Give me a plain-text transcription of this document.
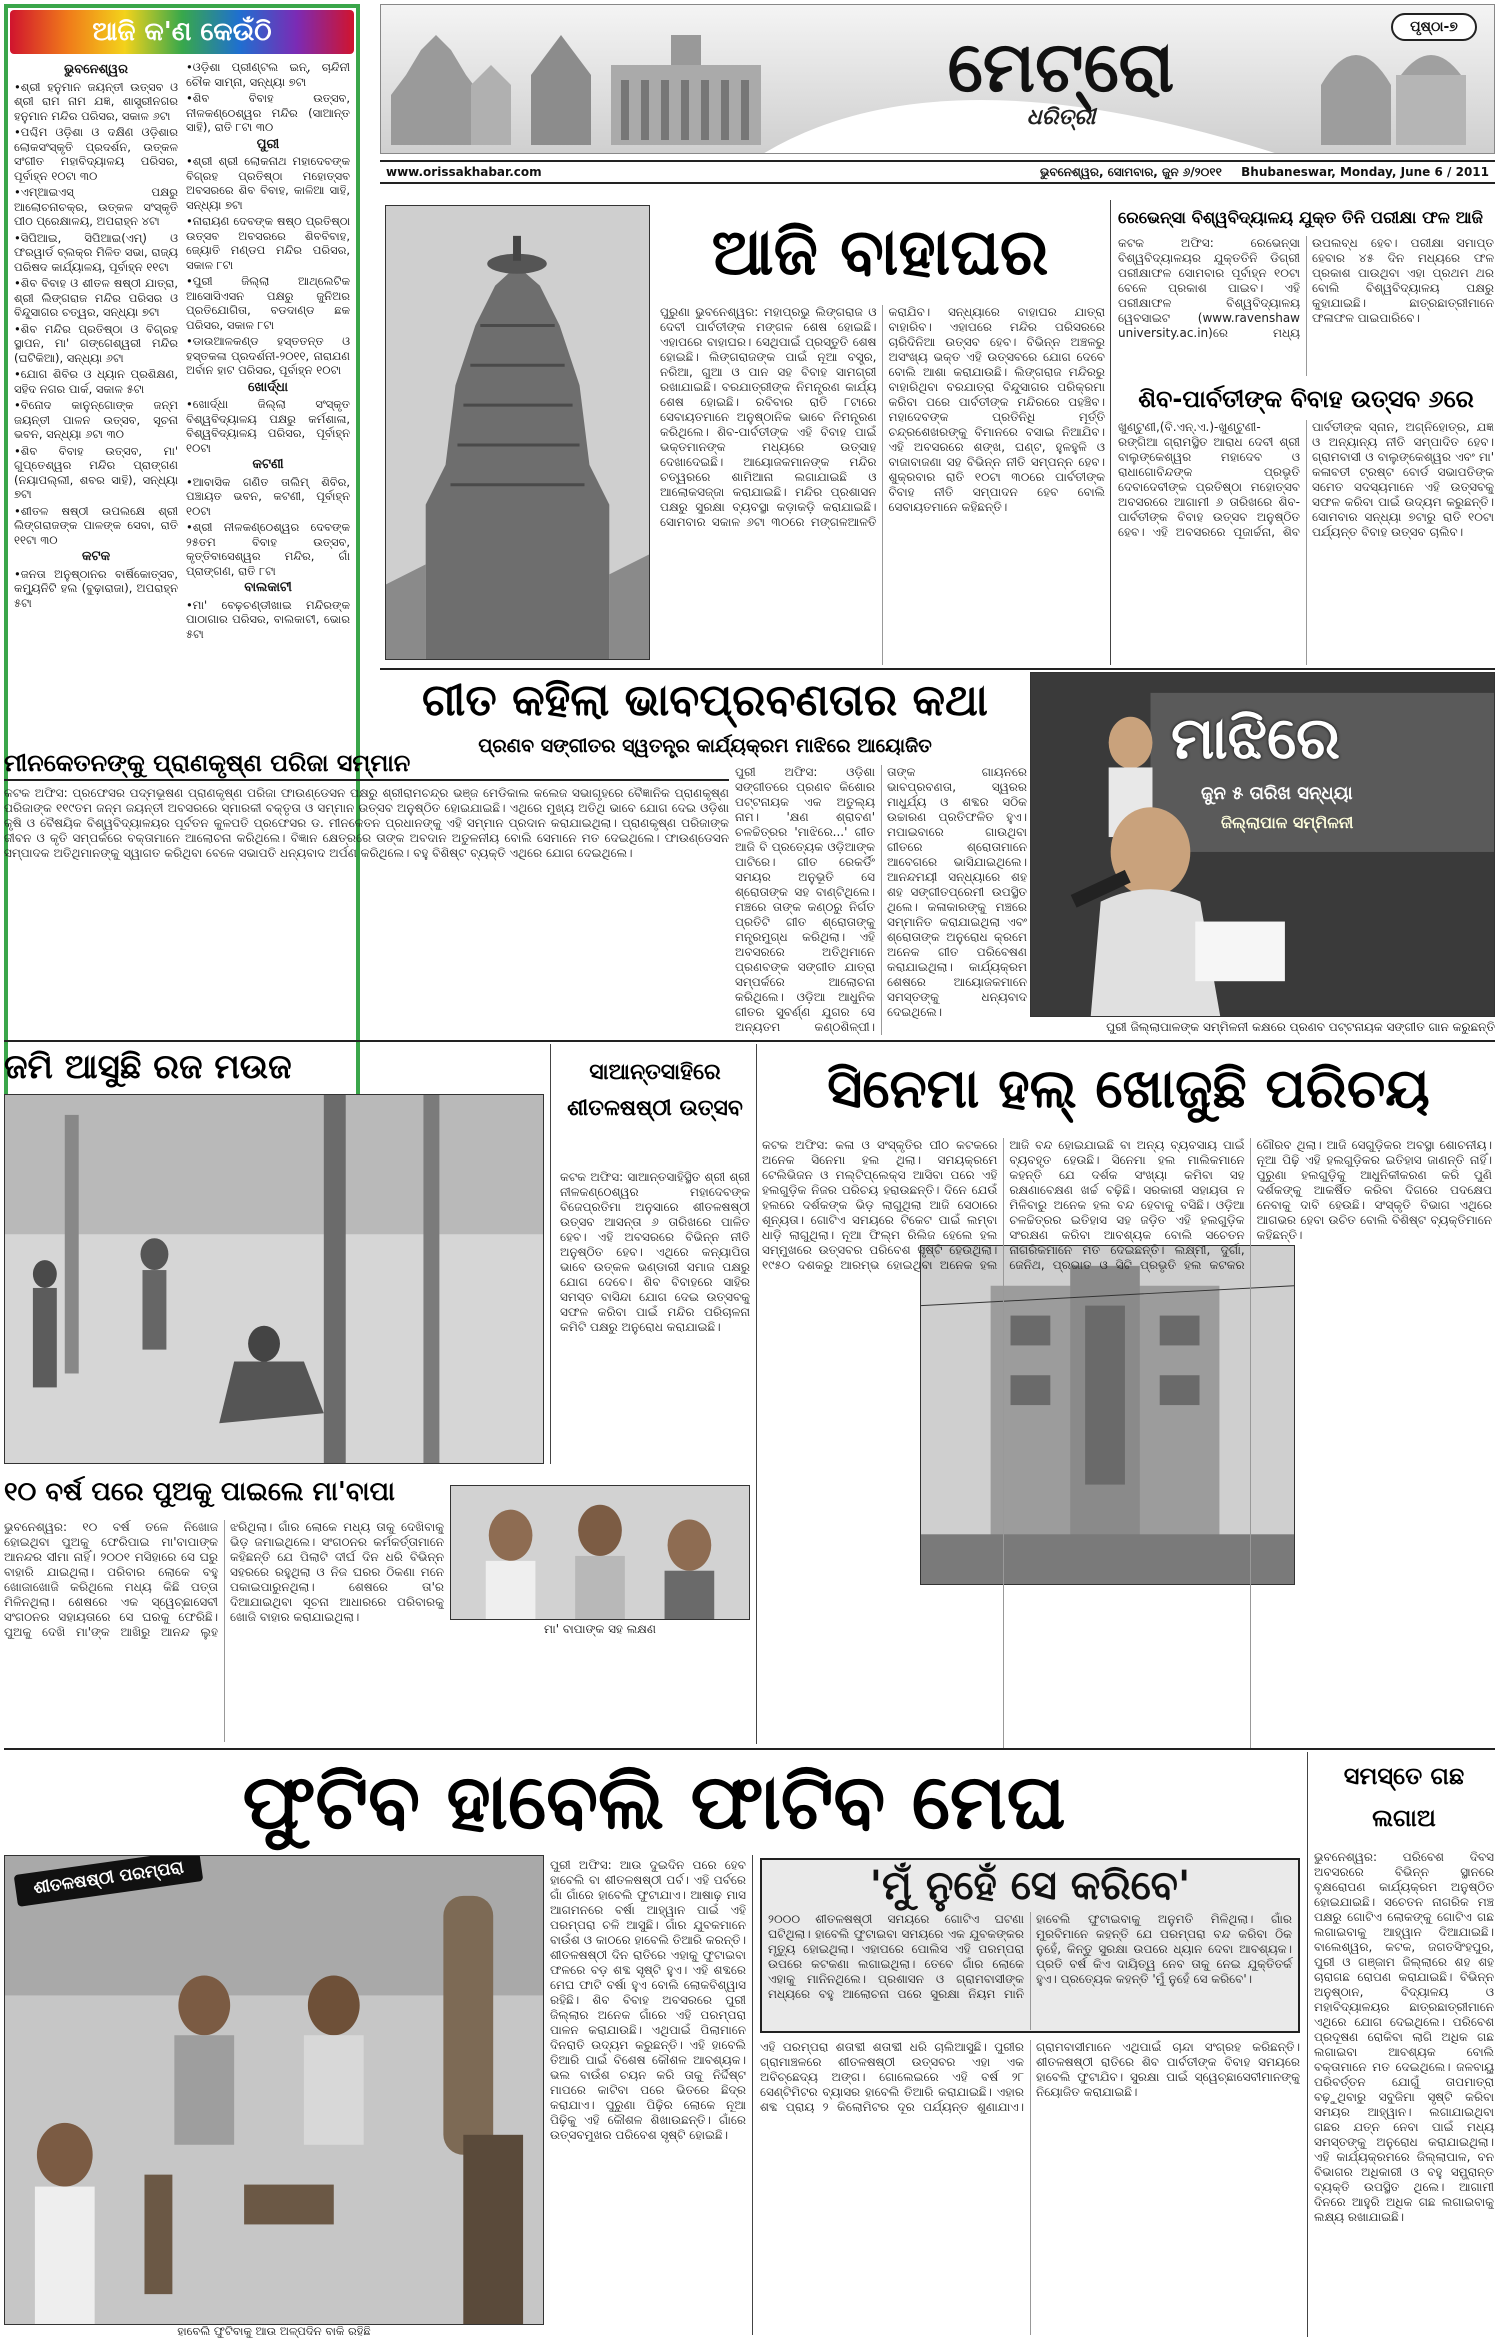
ଆଜି କ'ଣ କେଉଁଠି
ଭୁବନେଶ୍ୱର
•ଶ୍ରୀ ହନୁମାନ ଜୟନ୍ତୀ ଉତ୍ସବ ଓ ଶ୍ରୀ ରାମ ନାମ ଯଜ୍ଞ, ଶାସ୍ତ୍ରୀନଗର ହନୁମାନ ମନ୍ଦିର ପରିସର, ସକାଳ ୬ଟା
•ପଶ୍ଚିମ ଓଡ଼ିଶା ଓ ଦକ୍ଷିଣ ଓଡ଼ିଶାର ଲୋକସଂସ୍କୃତି ପ୍ରଦର୍ଶନ, ଉତ୍କଳ ସଂଗୀତ ମହାବିଦ୍ୟାଳୟ ପରିସର, ପୂର୍ବାହ୍ନ ୧୦ଟା ୩୦
•ଏମ୍ଆଇଏସ୍ ପକ୍ଷରୁ ଆଲୋଚନାଚକ୍ର, ଉତ୍କଳ ସଂସ୍କୃତି ପୀଠ ପ୍ରେକ୍ଷାଳୟ, ଅପରାହ୍ନ ୪ଟା
•ସିପିଆଇ, ସିପିଆଇ(ଏମ୍) ଓ ଫରୱାର୍ଡ ବ୍ଲକ୍‌ର ମିଳିତ ସଭା, ରାଜ୍ୟ ପରିଷଦ କାର୍ଯ୍ୟାଳୟ, ପୂର୍ବାହ୍ନ ୧୧ଟା
•ଶିବ ବିବାହ ଓ ଶୀତଳ ଷଷ୍ଠୀ ଯାତ୍ରା, ଶ୍ରୀ ଲିଙ୍ଗରାଜ ମନ୍ଦିର ପରିସର ଓ ବିନ୍ଦୁସାଗର ଚତ୍ୱର, ସନ୍ଧ୍ୟା ୭ଟା
•ଶିବ ମନ୍ଦିର ପ୍ରତିଷ୍ଠା ଓ ବିଗ୍ରହ ସ୍ଥାପନ, ମା' ଗଙ୍ଗେଶ୍ୱରୀ ମନ୍ଦିର (ଘଟିକିଆ), ସନ୍ଧ୍ୟା ୬ଟା
•ଯୋଗ ଶିବିର ଓ ଧ୍ୟାନ ପ୍ରଶିକ୍ଷଣ, ସହିଦ ନଗର ପାର୍କ, ସକାଳ ୫ଟା
•ବିନୋଦ କାନୁନ୍‌ଗୋଙ୍କ ଜନ୍ମ ଜୟନ୍ତୀ ପାଳନ ଉତ୍ସବ, ସୂଚନା ଭବନ, ସନ୍ଧ୍ୟା ୬ଟା ୩୦
•ଶିବ ବିବାହ ଉତ୍ସବ, ମା' ଗୁପ୍ତେଶ୍ୱର ମନ୍ଦିର ପ୍ରାଙ୍ଗଣ (ନୟାପଲ୍ଲୀ, ଶବର ସାହି), ସନ୍ଧ୍ୟା ୭ଟା
•ଶୀତଳ ଷଷ୍ଠୀ ଉପଲକ୍ଷେ ଶ୍ରୀ ଲିଙ୍ଗରାଜଙ୍କ ପାଳଙ୍କ ସେବା, ରାତି ୧୧ଟା ୩୦
କଟକ
•ଜନତା ଅନୁଷ୍ଠାନର ବାର୍ଷିକୋତ୍ସବ, କମ୍ୟୁନିଟି ହଲ (ବୁଢ଼ାରାଜା), ଅପରାହ୍ନ ୫ଟା
•ଓଡ଼ିଶା ପ୍ରୀଣ୍ଟଲ ଇନ୍‌, ଚାନ୍ଦିନୀ ଚୌକ ସାମ୍ନା, ସନ୍ଧ୍ୟା ୭ଟା
•ଶିବ ବିବାହ ଉତ୍ସବ, ନୀଳକଣ୍ଠେଶ୍ୱର ମନ୍ଦିର (ସାଆନ୍ତ ସାହି), ରାତି ୮ଟା ୩୦
ପୁରୀ
•ଶ୍ରୀ ଶ୍ରୀ ଲୋକନାଥ ମହାଦେବଙ୍କ ବିଗ୍ରହ ପ୍ରତିଷ୍ଠା ମହୋତ୍ସବ ଅବସରରେ ଶିବ ବିବାହ, କାଳିଆ ସାହି, ସନ୍ଧ୍ୟା ୭ଟା
•ନାରାୟଣ ଦେବଙ୍କ ଷଷ୍ଠ ପ୍ରତିଷ୍ଠା ଉତ୍ସବ ଅବସରରେ ଶିବବିବାହ, ଜ୍ୟୋତି ମଣ୍ଡପ ମନ୍ଦିର ପରିସର, ସକାଳ ୮ଟା
•ପୁରୀ ଜିଲ୍ଲା ଆଥ୍‌ଲେଟିକ ଆସୋସିଏସନ ପକ୍ଷରୁ ଜୁନିଅର ପ୍ରତିଯୋଗିତା, ବଡଦାଣ୍ଡ ଛକ ପରିସର, ସକାଳ ୮ଟା
•ଡାଉଆଳକଣ୍ଡ ହସ୍ତତନ୍ତ ଓ ହସ୍ତକଳା ପ୍ରଦର୍ଶନୀ-୨୦୧୧, ନାରାଯଣ ଅର୍ବାନ ହାଟ ପରିସର, ପୂର୍ବାହ୍ନ ୧୦ଟା
ଖୋର୍ଦ୍ଧା
•ଖୋର୍ଦ୍ଧା ଜିଲ୍ଲା ସଂସ୍କୃତ ବିଶ୍ୱବିଦ୍ୟାଳୟ ପକ୍ଷରୁ କର୍ମଶାଳା, ବିଶ୍ୱବିଦ୍ୟାଳୟ ପରିସର, ପୂର୍ବାହ୍ନ ୧୦ଟା
କଟଣୀ
•ଆବାସିକ ଗଣିତ ତାଲିମ୍ ଶିବିର, ପଞ୍ଚାୟତ ଭବନ, କଟଣୀ, ପୂର୍ବାହ୍ନ ୧୦ଟା
•ଶ୍ରୀ ନୀଳକଣ୍ଠେଶ୍ୱର ଦେବଙ୍କ ୨୫ତମ ବିବାହ ଉତ୍ସବ, କୃତ୍ତିବାସେଶ୍ୱର ମନ୍ଦିର, ଗାଁ ପ୍ରାଙ୍ଗଣ, ରାତି ୮ଟା
ବାଲକାଟୀ
•ମା' ବେଢ଼ଚଣ୍ଡୀଖାଇ ମନ୍ଦିରଙ୍କ ପାଠାଗାର ପରିସର, ବାଲକାଟୀ, ଭୋର ୫ଟା
ପୃଷ୍ଠା-୭
ମେଟ୍ରୋ
ଧରିତ୍ରୀ
www.orissakhabar.com	ଭୁବନେଶ୍ୱର, ସୋମବାର, ଜୁନ ୬/୨୦୧୧ Bhubaneswar, Monday, June 6 / 2011
ଆଜି ବାହାଘର
ପୁରୁଣା ଭୁବନେଶ୍ୱର: ମହାପ୍ରଭୁ ଲିଙ୍ଗରାଜ ଓ ଦେବୀ ପାର୍ବତୀଙ୍କ ମଙ୍ଗଳ ଶେଷ ହୋଇଛି। ଏହାପରେ ବାହାଘର। ସେଥିପାଇଁ ପ୍ରସ୍ତୁତି ଶେଷ ହୋଇଛି। ଲିଙ୍ଗରାଜଙ୍କ ପାଇଁ ନୂଆ ବସ୍ତ୍ର, ନରିଆ, ଗୁଆ ଓ ପାନ ସହ ବିବାହ ସାମଗ୍ରୀ ରଖାଯାଇଛି। ବରଯାତ୍ରୀଙ୍କ ନିମନ୍ତ୍ରଣ କାର୍ଯ୍ୟ ଶେଷ ହୋଇଛି। ରବିବାର ରାତି ୮ଟାରେ ସେବାୟତମାନେ ଅନୁଷ୍ଠାନିକ ଭାବେ ନିମନ୍ତ୍ରଣ କରିଥିଲେ। ଶିବ-ପାର୍ବତୀଙ୍କ ଏହି ବିବାହ ପାଇଁ ଭକ୍ତମାନଙ୍କ ମଧ୍ୟରେ ଉତ୍ସାହ ଦେଖାଦେଇଛି। ଆୟୋଜକମାନଙ୍କ ମନ୍ଦିର ଚତ୍ୱରରେ ଶାମିଆନା ଲଗାଯାଇଛି ଓ ଆଲୋକସଜ୍ଜା କରାଯାଇଛି। ମନ୍ଦିର ପ୍ରଶାସନ ପକ୍ଷରୁ ସୁରକ୍ଷା ବ୍ୟବସ୍ଥା କଡ଼ାକଡ଼ି କରାଯାଇଛି। ସୋମବାର ସକାଳ ୬ଟା ୩୦ରେ ମଙ୍ଗଳଆଳତି କରାଯିବ। ସନ୍ଧ୍ୟାରେ ବାହାଘର ଯାତ୍ରା ବାହାରିବ। ଏହାପରେ ମନ୍ଦିର ପରିସରରେ ଚାରିଦିନିଆ ଉତ୍ସବ ହେବ। ବିଭିନ୍ନ ଅଞ୍ଚଳରୁ ଅସଂଖ୍ୟ ଭକ୍ତ ଏହି ଉତ୍ସବରେ ଯୋଗ ଦେବେ ବୋଲି ଆଶା କରାଯାଉଛି। ଲିଙ୍ଗରାଜ ମନ୍ଦିରରୁ ବାହାରିଥିବା ବରଯାତ୍ରା ବିନ୍ଦୁସାଗର ପରିକ୍ରମା କରିବା ପରେ ପାର୍ବତୀଙ୍କ ମନ୍ଦିରରେ ପହଞ୍ଚିବ। ମହାଦେବଙ୍କ ପ୍ରତିନିଧି ମୂର୍ତ୍ତି ଚନ୍ଦ୍ରଶେଖରଙ୍କୁ ବିମାନରେ ବସାଇ ନିଆଯିବ। ଏହି ଅବସରରେ ଶଙ୍ଖ, ଘଣ୍ଟ, ହୁଳହୁଳି ଓ ବାଜାବାଜଣା ସହ ବିଭିନ୍ନ ନୀତି ସମ୍ପନ୍ନ ହେବ। ଶୁକ୍ରବାର ରାତି ୧୦ଟା ୩୦ରେ ପାର୍ବତୀଙ୍କ ବିବାହ ନୀତି ସମ୍ପାଦନ ହେବ ବୋଲି ସେବାୟତମାନେ କହିଛନ୍ତି।
ରେଭେନ୍ସା ବିଶ୍ୱବିଦ୍ୟାଳୟ ଯୁକ୍ତ ତିନି ପରୀକ୍ଷା ଫଳ ଆଜି
କଟକ ଅଫିସ: ରେଭେନ୍ସା ବିଶ୍ୱବିଦ୍ୟାଳୟର ଯୁକ୍ତତିନି ଡିଗ୍ରୀ ପରୀକ୍ଷାଫଳ ସୋମବାର ପୂର୍ବାହ୍ନ ୧୦ଟା ବେଳେ ପ୍ରକାଶ ପାଇବ। ଏହି ପରୀକ୍ଷାଫଳ ବିଶ୍ୱବିଦ୍ୟାଳୟ ୱେବସାଇଟ (www.ravenshaw university.ac.in)ରେ ମଧ୍ୟ ଉପଲବ୍ଧ ହେବ। ପରୀକ୍ଷା ସମାପ୍ତ ହେବାର ୪୫ ଦିନ ମଧ୍ୟରେ ଫଳ ପ୍ରକାଶ ପାଉଥିବା ଏହା ପ୍ରଥମ ଥର ବୋଲି ବିଶ୍ୱବିଦ୍ୟାଳୟ ପକ୍ଷରୁ କୁହାଯାଇଛି। ଛାତ୍ରଛାତ୍ରୀମାନେ ଫଳାଫଳ ପାଇପାରିବେ।
ଶିବ-ପାର୍ବତୀଙ୍କ ବିବାହ ଉତ୍ସବ ୬ରେ
ଖୁଣ୍ଟୁଣୀ,(ବି.ଏନ୍.ଏ.)-ଖୁଣ୍ଟୁଣୀ-ରଙ୍ଗିଆ ଗ୍ରାମସ୍ଥିତ ଆରାଧ ଦେବୀ ଶ୍ରୀ ବାଲୁଙ୍କେଶ୍ୱର ମହାଦେବ ଓ ରାଧାଗୋବିନ୍ଦଙ୍କ ପ୍ରଭୃତି ଦେବାଦେବୀଙ୍କ ପ୍ରତିଷ୍ଠା ମହୋତ୍ସବ ଅବସରରେ ଆଗାମୀ ୬ ତାରିଖରେ ଶିବ-ପାର୍ବତୀଙ୍କ ବିବାହ ଉତ୍ସବ ଅନୁଷ୍ଠିତ ହେବ। ଏହି ଅବସରରେ ପୂଜାର୍ଚ୍ଚନା, ଶିବ ପାର୍ବତୀଙ୍କ ସ୍ନାନ, ଅଗ୍ନିହୋତ୍ର, ଯଜ୍ଞ ଓ ଅନ୍ୟାନ୍ୟ ନୀତି ସମ୍ପାଦିତ ହେବ। ଗ୍ରାମବାସୀ ଓ ବାଲୁଙ୍କେଶ୍ୱର ଏବଂ ମା' କଳାବତୀ ଟ୍ରଷ୍ଟ ବୋର୍ଡ ସଭାପତିଙ୍କ ସମେତ ସଦସ୍ୟମାନେ ଏହି ଉତ୍ସବକୁ ସଫଳ କରିବା ପାଇଁ ଉଦ୍ୟମ କରୁଛନ୍ତି। ସୋମବାର ସନ୍ଧ୍ୟା ୭ଟାରୁ ରାତି ୧୦ଟା ପର୍ଯ୍ୟନ୍ତ ବିବାହ ଉତ୍ସବ ଚାଲିବ।
ଗୀତ କହିଲା ଭାବପ୍ରବଣତାର କଥା
ପ୍ରଣବ ସଙ୍ଗୀତର ସ୍ୱତନ୍ତ୍ର କାର୍ଯ୍ୟକ୍ରମ ମାଝିରେ ଆୟୋଜିତ	ମାଝିରେ
ଜୁନ ୫ ତାରିଖ ସନ୍ଧ୍ୟା
ଜିଲ୍ଲାପାଳ ସମ୍ମିଳନୀ
ପୁରୀ ଜିଲ୍ଲାପାଳଙ୍କ ସମ୍ମିଳନୀ କକ୍ଷରେ ପ୍ରଣବ ପଟ୍ଟନାୟକ ସଙ୍ଗୀତ ଗାନ କରୁଛନ୍ତି
ପୁରୀ ଅଫିସ: ଓଡ଼ିଶା ସଙ୍ଗୀତରେ ପ୍ରଣବ କିଶୋର ପଟ୍ଟନାୟକ ଏକ ଅତୁଲ୍ୟ ନାମ। 'କ୍ଷଣ ଶ୍ରାବଣ' ଚଳଚ୍ଚିତ୍ରର 'ମାଝିରେ...' ଗୀତ ଆଜି ବି ପ୍ରତ୍ୟେକ ଓଡ଼ିଆଙ୍କ ପାଟିରେ। ଗୀତ ରେକର୍ଡିଂ ସମୟର ଅନୁଭୂତି ସେ ଶ୍ରୋତାଙ୍କ ସହ ବାଣ୍ଟିଥିଲେ। ମଞ୍ଚରେ ତାଙ୍କ କଣ୍ଠରୁ ନିର୍ଗତ ପ୍ରତିଟି ଗୀତ ଶ୍ରୋତାଙ୍କୁ ମନ୍ତ୍ରମୁଗ୍ଧ କରିଥିଲା। ଏହି ଅବସରରେ ଅତିଥିମାନେ ପ୍ରଣବଙ୍କ ସଙ୍ଗୀତ ଯାତ୍ରା ସମ୍ପର୍କରେ ଆଲୋଚନା କରିଥିଲେ। ଓଡ଼ିଆ ଆଧୁନିକ ଗୀତର ସୁବର୍ଣ୍ଣ ଯୁଗର ସେ ଅନ୍ୟତମ କଣ୍ଠଶିଳ୍ପୀ। ତାଙ୍କ ଗାୟନରେ ଭାବପ୍ରବଣତା, ସ୍ୱରର ମାଧୁର୍ଯ୍ୟ ଓ ଶବ୍ଦର ସଠିକ ଉଚ୍ଚାରଣ ପ୍ରତିଫଳିତ ହୁଏ। ମପାଇବାରେ ଗାଉଥିବା ଗୀତରେ ଶ୍ରୋତାମାନେ ଆବେଗରେ ଭାସିଯାଇଥିଲେ। ଆନନ୍ଦମୟୀ ସନ୍ଧ୍ୟାରେ ଶହ ଶହ ସଙ୍ଗୀତପ୍ରେମୀ ଉପସ୍ଥିତ ଥିଲେ। କଳାକାରଙ୍କୁ ମଞ୍ଚରେ ସମ୍ମାନିତ କରାଯାଇଥିଲା ଏବଂ ଶ୍ରୋତାଙ୍କ ଅନୁରୋଧ କ୍ରମେ ଅନେକ ଗୀତ ପରିବେଷଣ କରାଯାଇଥିଲା। କାର୍ଯ୍ୟକ୍ରମ ଶେଷରେ ଆୟୋଜକମାନେ ସମସ୍ତଙ୍କୁ ଧନ୍ୟବାଦ ଦେଇଥିଲେ।
ମୀନକେତନଙ୍କୁ ପ୍ରାଣକୃଷ୍ଣ ପରିଜା ସମ୍ମାନ
କଟକ ଅଫିସ: ପ୍ରଫେସର ପଦ୍ମଭୂଷଣ ପ୍ରାଣକୃଷ୍ଣ ପରିଜା ଫାଉଣ୍ଡେସନ ପକ୍ଷରୁ ଶ୍ରୀରାମଚନ୍ଦ୍ର ଭଞ୍ଜ ମେଡିକାଲ କଲେଜ ସଭାଗୃହରେ ବୈଜ୍ଞାନିକ ପ୍ରାଣକୃଷ୍ଣ ପରିଜାଙ୍କ ୧୧୯ତମ ଜନ୍ମ ଜୟନ୍ତୀ ଅବସରରେ ସ୍ମାରକୀ ବକ୍ତୃତା ଓ ସମ୍ମାନ ଉତ୍ସବ ଅନୁଷ୍ଠିତ ହୋଇଯାଇଛି। ଏଥିରେ ମୁଖ୍ୟ ଅତିଥି ଭାବେ ଯୋଗ ଦେଇ ଓଡ଼ିଶା କୃଷି ଓ ବୈଷୟିକ ବିଶ୍ୱବିଦ୍ୟାଳୟର ପୂର୍ବତନ କୁଳପତି ପ୍ରଫେସର ଡ. ମୀନକେତନ ପ୍ରଧାନଙ୍କୁ ଏହି ସମ୍ମାନ ପ୍ରଦାନ କରାଯାଇଥିଲା। ପ୍ରାଣକୃଷ୍ଣ ପରିଜାଙ୍କ ଜୀବନ ଓ କୃତି ସମ୍ପର୍କରେ ବକ୍ତାମାନେ ଆଲୋଚନା କରିଥିଲେ। ବିଜ୍ଞାନ କ୍ଷେତ୍ରରେ ତାଙ୍କ ଅବଦାନ ଅତୁଳନୀୟ ବୋଲି ସେମାନେ ମତ ଦେଇଥିଲେ। ଫାଉଣ୍ଡେସନ ସମ୍ପାଦକ ଅତିଥିମାନଙ୍କୁ ସ୍ୱାଗତ କରିଥିବା ବେଳେ ସଭାପତି ଧନ୍ୟବାଦ ଅର୍ପଣ କରିଥିଲେ। ବହୁ ବିଶିଷ୍ଟ ବ୍ୟକ୍ତି ଏଥିରେ ଯୋଗ ଦେଇଥିଲେ।
ଜମି ଆସୁଛି ରଜ ମଉଜ	ସାଆନ୍ତସାହିରେ ଶୀତଳଷଷ୍ଠୀ ଉତ୍ସବ
କଟକ ଅଫିସ: ସାଆନ୍ତସାହିସ୍ଥିତ ଶ୍ରୀ ଶ୍ରୀ ନୀଳକଣ୍ଠେଶ୍ୱର ମହାଦେବଙ୍କ ବିଜେପ୍ରତିମା ଅନୁସାରେ ଶୀତଳଷଷ୍ଠୀ ଉତ୍ସବ ଆସନ୍ତା ୬ ତାରିଖରେ ପାଳିତ ହେବ। ଏହି ଅବସରରେ ବିଭିନ୍ନ ନୀତି ଅନୁଷ୍ଠିତ ହେବ। ଏଥିରେ କନ୍ୟାପିତା ଭାବେ ଉତ୍କଳ ଭଣ୍ଡାରୀ ସମାଜ ପକ୍ଷରୁ ଯୋଗ ଦେବେ। ଶିବ ବିବାହରେ ସାହିର ସମସ୍ତ ବାସିନ୍ଦା ଯୋଗ ଦେଇ ଉତ୍ସବକୁ ସଫଳ କରିବା ପାଇଁ ମନ୍ଦିର ପରିଚାଳନା କମିଟି ପକ୍ଷରୁ ଅନୁରୋଧ କରାଯାଇଛି।
ସିନେମା ହଲ୍ ଖୋଜୁଛି ପରିଚୟ
କଟକ ଅଫିସ: କଳା ଓ ସଂସ୍କୃତିର ପୀଠ କଟକରେ ଅନେକ ସିନେମା ହଲ ଥିଲା। ସମୟକ୍ରମେ ଟେଲିଭିଜନ ଓ ମଲ୍ଟିପ୍ଲେକ୍ସ ଆସିବା ପରେ ଏହି ହଲଗୁଡ଼ିକ ନିଜର ପରିଚୟ ହରାଉଛନ୍ତି। ଦିନେ ଯେଉଁ ହଲରେ ଦର୍ଶକଙ୍କ ଭିଡ଼ ଲାଗୁଥିଲା ଆଜି ସେଠାରେ ଶୂନ୍ୟତା। ଗୋଟିଏ ସମୟରେ ଟିକେଟ ପାଇଁ ଲମ୍ବା ଧାଡ଼ି ଲାଗୁଥିଲା। ନୂଆ ଫିଲ୍ମ ରିଲିଜ ହେଲେ ହଲ ସମ୍ମୁଖରେ ଉତ୍ସବର ପରିବେଶ ସୃଷ୍ଟି ହେଉଥିଲା। ୧୯୫୦ ଦଶକରୁ ଆରମ୍ଭ ହୋଇଥିବା ଅନେକ ହଲ ଆଜି ବନ୍ଦ ହୋଇଯାଇଛି ବା ଅନ୍ୟ ବ୍ୟବସାୟ ପାଇଁ ବ୍ୟବହୃତ ହେଉଛି। ସିନେମା ହଲ ମାଲିକମାନେ କହନ୍ତି ଯେ ଦର୍ଶକ ସଂଖ୍ୟା କମିବା ସହ ରକ୍ଷଣାବେକ୍ଷଣ ଖର୍ଚ୍ଚ ବଢ଼ିଛି। ସରକାରୀ ସହାୟତା ନ ମିଳିବାରୁ ଅନେକ ହଲ ବନ୍ଦ ହେବାକୁ ବସିଛି। ଓଡ଼ିଆ ଚଳଚ୍ଚିତ୍ରର ଇତିହାସ ସହ ଜଡ଼ିତ ଏହି ହଲଗୁଡ଼ିକ ସଂରକ୍ଷଣ କରିବା ଆବଶ୍ୟକ ବୋଲି ସଚେତନ ନାଗରିକମାନେ ମତ ଦେଇଛନ୍ତି। ଲକ୍ଷ୍ମୀ, ଦୁର୍ଗା, ଜେନିଥ, ପ୍ରଭାତ ଓ ସିଟି ପ୍ରଭୃତି ହଲ କଟକର ଗୌରବ ଥିଲା। ଆଜି ସେଗୁଡ଼ିକର ଅବସ୍ଥା ଶୋଚନୀୟ। ନୂଆ ପିଢ଼ି ଏହି ହଲଗୁଡ଼ିକର ଇତିହାସ ଜାଣନ୍ତି ନାହିଁ। ପୁରୁଣା ହଲଗୁଡ଼ିକୁ ଆଧୁନିକୀକରଣ କରି ପୁଣି ଦର୍ଶକଙ୍କୁ ଆକର୍ଷିତ କରିବା ଦିଗରେ ପଦକ୍ଷେପ ନେବାକୁ ଦାବି ହେଉଛି। ସଂସ୍କୃତି ବିଭାଗ ଏଥିରେ ଆଗଭର ହେବା ଉଚିତ ବୋଲି ବିଶିଷ୍ଟ ବ୍ୟକ୍ତିମାନେ କହିଛନ୍ତି।
୧୦ ବର୍ଷ ପରେ ପୁଅକୁ ପାଇଲେ ମା'ବାପା
ମା' ବାପାଙ୍କ ସହ ଲକ୍ଷଣ
ଭୁବନେଶ୍ୱର: ୧୦ ବର୍ଷ ତଳେ ନିଖୋଜ ହୋଇଥିବା ପୁଅକୁ ଫେରିପାଇ ମା'ବାପାଙ୍କ ଆନନ୍ଦର ସୀମା ନାହିଁ। ୨୦୦୧ ମସିହାରେ ସେ ଘରୁ ବାହାରି ଯାଇଥିଲା। ପରିବାର ଲୋକେ ବହୁ ଖୋଜାଖୋଜି କରିଥିଲେ ମଧ୍ୟ କିଛି ପତ୍ତା ମିଳିନଥିଲା। ଶେଷରେ ଏକ ସ୍ୱେଚ୍ଛାସେବୀ ସଂଗଠନର ସହାୟତାରେ ସେ ଘରକୁ ଫେରିଛି। ପୁଅକୁ ଦେଖି ମା'ଙ୍କ ଆଖିରୁ ଆନନ୍ଦ ଲୁହ ଝରିଥିଲା। ଗାଁର ଲୋକେ ମଧ୍ୟ ତାକୁ ଦେଖିବାକୁ ଭିଡ଼ ଜମାଇଥିଲେ। ସଂଗଠନର କର୍ମକର୍ତ୍ତାମାନେ କହିଛନ୍ତି ଯେ ପିଲାଟି ଦୀର୍ଘ ଦିନ ଧରି ବିଭିନ୍ନ ସହରରେ ରହୁଥିଲା ଓ ନିଜ ଘରର ଠିକଣା ମନେ ପକାଇପାରୁନଥିଲା। ଶେଷରେ ତା'ର ଦିଆଯାଇଥିବା ସୂଚନା ଆଧାରରେ ପରିବାରକୁ ଖୋଜି ବାହାର କରାଯାଇଥିଲା।
ଫୁଟିବ ହାବେଲି ଫାଟିବ ମେଘ
ଶୀତଳଷଷ୍ଠୀ ପରମ୍ପରା
ହାବେଲି ଫୁଟିବାକୁ ଆଉ ଅଳ୍ପଦିନ ବାକି ରହିଛି
ପୁରୀ ଅଫିସ: ଆଉ ଦୁଇଦିନ ପରେ ହେବ ହାବେଲି ବା ଶୀତଳଷଷ୍ଠୀ ପର୍ବ। ଏହି ପର୍ବରେ ଗାଁ ଗାଁରେ ହାବେଲି ଫୁଟାଯାଏ। ଆଷାଢ଼ ମାସ ଆଗମନରେ ବର୍ଷା ଆହ୍ୱାନ ପାଇଁ ଏହି ପରମ୍ପରା ଚଳି ଆସୁଛି। ଗାଁର ଯୁବକମାନେ ବାଉଁଶ ଓ କାଠରେ ହାବେଲି ତିଆରି କରନ୍ତି। ଶୀତଳଷଷ୍ଠୀ ଦିନ ରାତିରେ ଏହାକୁ ଫୁଟାଇବା ଫଳରେ ବଡ଼ ଶବ୍ଦ ସୃଷ୍ଟି ହୁଏ। ଏହି ଶବ୍ଦରେ ମେଘ ଫାଟି ବର୍ଷା ହୁଏ ବୋଲି ଲୋକବିଶ୍ୱାସ ରହିଛି। ଶିବ ବିବାହ ଅବସରରେ ପୁରୀ ଜିଲ୍ଲାର ଅନେକ ଗାଁରେ ଏହି ପରମ୍ପରା ପାଳନ କରାଯାଉଛି। ଏଥିପାଇଁ ପିଲାମାନେ ଦିନରାତି ଉଦ୍ୟମ କରୁଛନ୍ତି। ଏହି ହାବେଲି ତିଆରି ପାଇଁ ବିଶେଷ କୌଶଳ ଆବଶ୍ୟକ। ଭଲ ବାଉଁଶ ଚୟନ କରି ତାକୁ ନିର୍ଦ୍ଦିଷ୍ଟ ମାପରେ କାଟିବା ପରେ ଭିତରେ ଛିଦ୍ର କରାଯାଏ। ପୁରୁଣା ପିଢ଼ିର ଲୋକେ ନୂଆ ପିଢ଼ିକୁ ଏହି କୌଶଳ ଶିଖାଉଛନ୍ତି। ଗାଁରେ ଉତ୍ସବମୁଖର ପରିବେଶ ସୃଷ୍ଟି ହୋଇଛି।
'ମୁଁ ନୁହେଁ ସେ କରିବେ'
୨୦୦୦ ଶୀତଳଷଷ୍ଠୀ ସମୟରେ ଗୋଟିଏ ଘଟଣା ଘଟିଥିଲା। ହାବେଲି ଫୁଟାଇବା ସମୟରେ ଏକ ଯୁବକଙ୍କର ମୃତ୍ୟୁ ହୋଇଥିଲା। ଏହାପରେ ପୋଲିସ ଏହି ପରମ୍ପରା ଉପରେ କଟକଣା ଲଗାଇଥିଲା। ତେବେ ଗାଁର ଲୋକେ ଏହାକୁ ମାନିନଥିଲେ। ପ୍ରଶାସନ ଓ ଗ୍ରାମବାସୀଙ୍କ ମଧ୍ୟରେ ବହୁ ଆଲୋଚନା ପରେ ସୁରକ୍ଷା ନିୟମ ମାନି ହାବେଲି ଫୁଟାଇବାକୁ ଅନୁମତି ମିଳିଥିଲା। ଗାଁର ମୁରବିମାନେ କହନ୍ତି ଯେ ପରମ୍ପରା ବନ୍ଦ କରିବା ଠିକ ନୁହେଁ, କିନ୍ତୁ ସୁରକ୍ଷା ଉପରେ ଧ୍ୟାନ ଦେବା ଆବଶ୍ୟକ। ପ୍ରତି ବର୍ଷ କିଏ ଦାୟିତ୍ୱ ନେବ ତାକୁ ନେଇ ଯୁକ୍ତିତର୍କ ହୁଏ। ପ୍ରତ୍ୟେକ କହନ୍ତି 'ମୁଁ ନୁହେଁ ସେ କରିବେ'।
ଏହି ପରମ୍ପରା ଶତାବ୍ଦୀ ଶତାବ୍ଦୀ ଧରି ଚାଲିଆସୁଛି। ପୁରୀର ଗ୍ରାମାଞ୍ଚଳରେ ଶୀତଳଷଷ୍ଠୀ ଉତ୍ସବର ଏହା ଏକ ଅବିଚ୍ଛେଦ୍ୟ ଅଙ୍ଗ। ଗୋଲେଇରେ ଏହି ବର୍ଷ ୨୮ ସେଣ୍ଟିମିଟର ବ୍ୟାସର ହାବେଲି ତିଆରି କରାଯାଇଛି। ଏହାର ଶବ୍ଦ ପ୍ରାୟ ୨ କିଲୋମିଟର ଦୂର ପର୍ଯ୍ୟନ୍ତ ଶୁଣାଯାଏ। ଗ୍ରାମବାସୀମାନେ ଏଥିପାଇଁ ଚାନ୍ଦା ସଂଗ୍ରହ କରିଛନ୍ତି। ଶୀତଳଷଷ୍ଠୀ ରାତିରେ ଶିବ ପାର୍ବତୀଙ୍କ ବିବାହ ସମୟରେ ହାବେଲି ଫୁଟାଯିବ। ସୁରକ୍ଷା ପାଇଁ ସ୍ୱେଚ୍ଛାସେବୀମାନଙ୍କୁ ନିୟୋଜିତ କରାଯାଇଛି।
ସମସ୍ତେ ଗଛ ଲଗାଅ
ଭୁବନେଶ୍ୱର: ପରିବେଶ ଦିବସ ଅବସରରେ ବିଭିନ୍ନ ସ୍ଥାନରେ ବୃକ୍ଷରୋପଣ କାର୍ଯ୍ୟକ୍ରମ ଅନୁଷ୍ଠିତ ହୋଇଯାଇଛି। ସଚେତନ ନାଗରିକ ମଞ୍ଚ ପକ୍ଷରୁ ଗୋଟିଏ ଲୋକଙ୍କୁ ଗୋଟିଏ ଗଛ ଲଗାଇବାକୁ ଆହ୍ୱାନ ଦିଆଯାଇଛି। ବାଲେଶ୍ୱର, କଟକ, ଜଗତସିଂହପୁର, ପୁରୀ ଓ ଗଞ୍ଜାମ ଜିଲ୍ଲାରେ ଶହ ଶହ ଚାରାଗଛ ରୋପଣ କରାଯାଇଛି। ବିଭିନ୍ନ ଅନୁଷ୍ଠାନ, ବିଦ୍ୟାଳୟ ଓ ମହାବିଦ୍ୟାଳୟର ଛାତ୍ରଛାତ୍ରୀମାନେ ଏଥିରେ ଯୋଗ ଦେଇଥିଲେ। ପରିବେଶ ପ୍ରଦୂଷଣ ରୋକିବା ଲାଗି ଅଧିକ ଗଛ ଲଗାଇବା ଆବଶ୍ୟକ ବୋଲି ବକ୍ତାମାନେ ମତ ଦେଇଥିଲେ। ଜଳବାୟୁ ପରିବର୍ତ୍ତନ ଯୋଗୁଁ ତାପମାତ୍ରା ବଢ଼ୁଥିବାରୁ ସବୁଜିମା ସୃଷ୍ଟି କରିବା ସମୟର ଆହ୍ୱାନ। ଲଗାଯାଇଥିବା ଗଛର ଯତ୍ନ ନେବା ପାଇଁ ମଧ୍ୟ ସମସ୍ତଙ୍କୁ ଅନୁରୋଧ କରାଯାଇଥିଲା। ଏହି କାର୍ଯ୍ୟକ୍ରମରେ ଜିଲ୍ଲାପାଳ, ବନ ବିଭାଗର ଅଧିକାରୀ ଓ ବହୁ ସମ୍ଭ୍ରାନ୍ତ ବ୍ୟକ୍ତି ଉପସ୍ଥିତ ଥିଲେ। ଆଗାମୀ ଦିନରେ ଆହୁରି ଅଧିକ ଗଛ ଲଗାଇବାକୁ ଲକ୍ଷ୍ୟ ରଖାଯାଇଛି।
